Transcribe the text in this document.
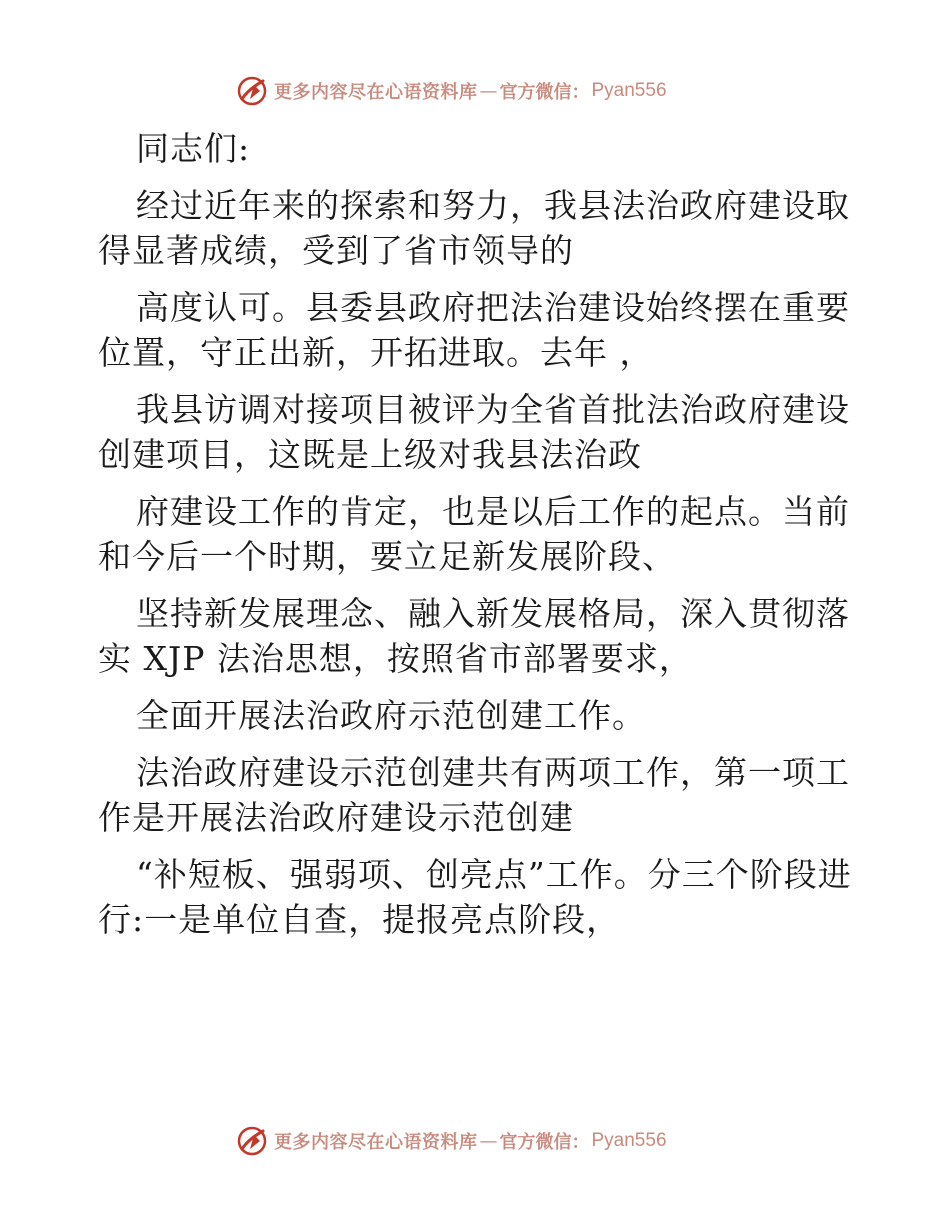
更多内容尽在心语资料库 — 官方微信： Pyan556

同志们:

经过近年来的探索和努力，我县法治政府建设取得显著成绩，受到了省市领导的

高度认可。县委县政府把法治建设始终摆在重要位置，守正出新，开拓进取。去年 ，

我县访调对接项目被评为全省首批法治政府建设创建项目，这既是上级对我县法治政

府建设工作的肯定，也是以后工作的起点。当前和今后一个时期，要立足新发展阶段、

坚持新发展理念、融入新发展格局，深入贯彻落实 XJP 法治思想，按照省市部署要求，

全面开展法治政府示范创建工作。

法治政府建设示范创建共有两项工作，第一项工作是开展法治政府建设示范创建

“补短板、强弱项、创亮点”工作。分三个阶段进行:一是单位自查，提报亮点阶段，

更多内容尽在心语资料库 — 官方微信： Pyan556
